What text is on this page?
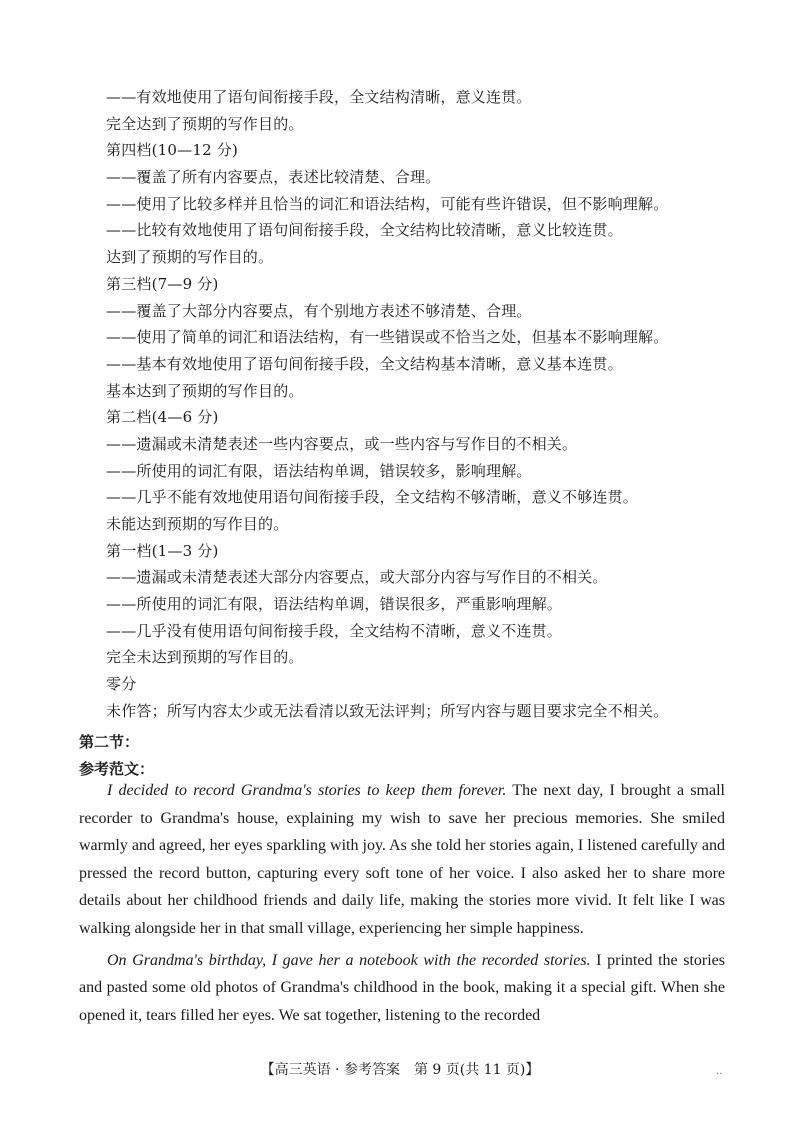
——有效地使用了语句间衔接手段，全文结构清晰，意义连贯。
完全达到了预期的写作目的。
第四档(10—12 分)
——覆盖了所有内容要点，表述比较清楚、合理。
——使用了比较多样并且恰当的词汇和语法结构，可能有些许错误，但不影响理解。
——比较有效地使用了语句间衔接手段，全文结构比较清晰，意义比较连贯。
达到了预期的写作目的。
第三档(7—9 分)
——覆盖了大部分内容要点，有个别地方表述不够清楚、合理。
——使用了简单的词汇和语法结构，有一些错误或不恰当之处，但基本不影响理解。
——基本有效地使用了语句间衔接手段，全文结构基本清晰，意义基本连贯。
基本达到了预期的写作目的。
第二档(4—6 分)
——遗漏或未清楚表述一些内容要点，或一些内容与写作目的不相关。
——所使用的词汇有限，语法结构单调，错误较多，影响理解。
——几乎不能有效地使用语句间衔接手段，全文结构不够清晰，意义不够连贯。
未能达到预期的写作目的。
第一档(1—3 分)
——遗漏或未清楚表述大部分内容要点，或大部分内容与写作目的不相关。
——所使用的词汇有限，语法结构单调，错误很多，严重影响理解。
——几乎没有使用语句间衔接手段，全文结构不清晰，意义不连贯。
完全未达到预期的写作目的。
零分
未作答；所写内容太少或无法看清以致无法评判；所写内容与题目要求完全不相关。
第二节：
参考范文：

I decided to record Grandma's stories to keep them forever. The next day, I brought a small recorder to Grandma's house, explaining my wish to save her precious memories. She smiled warmly and agreed, her eyes sparkling with joy. As she told her stories again, I listened carefully and pressed the record button, capturing every soft tone of her voice. I also asked her to share more details about her childhood friends and daily life, making the stories more vivid. It felt like I was walking alongside her in that small village, experiencing her simple happiness.

On Grandma's birthday, I gave her a notebook with the recorded stories. I printed the stories and pasted some old photos of Grandma's childhood in the book, making it a special gift. When she opened it, tears filled her eyes. We sat together, listening to the recorded

【高三英语 · 参考答案　第 9 页(共 11 页)】	‥
